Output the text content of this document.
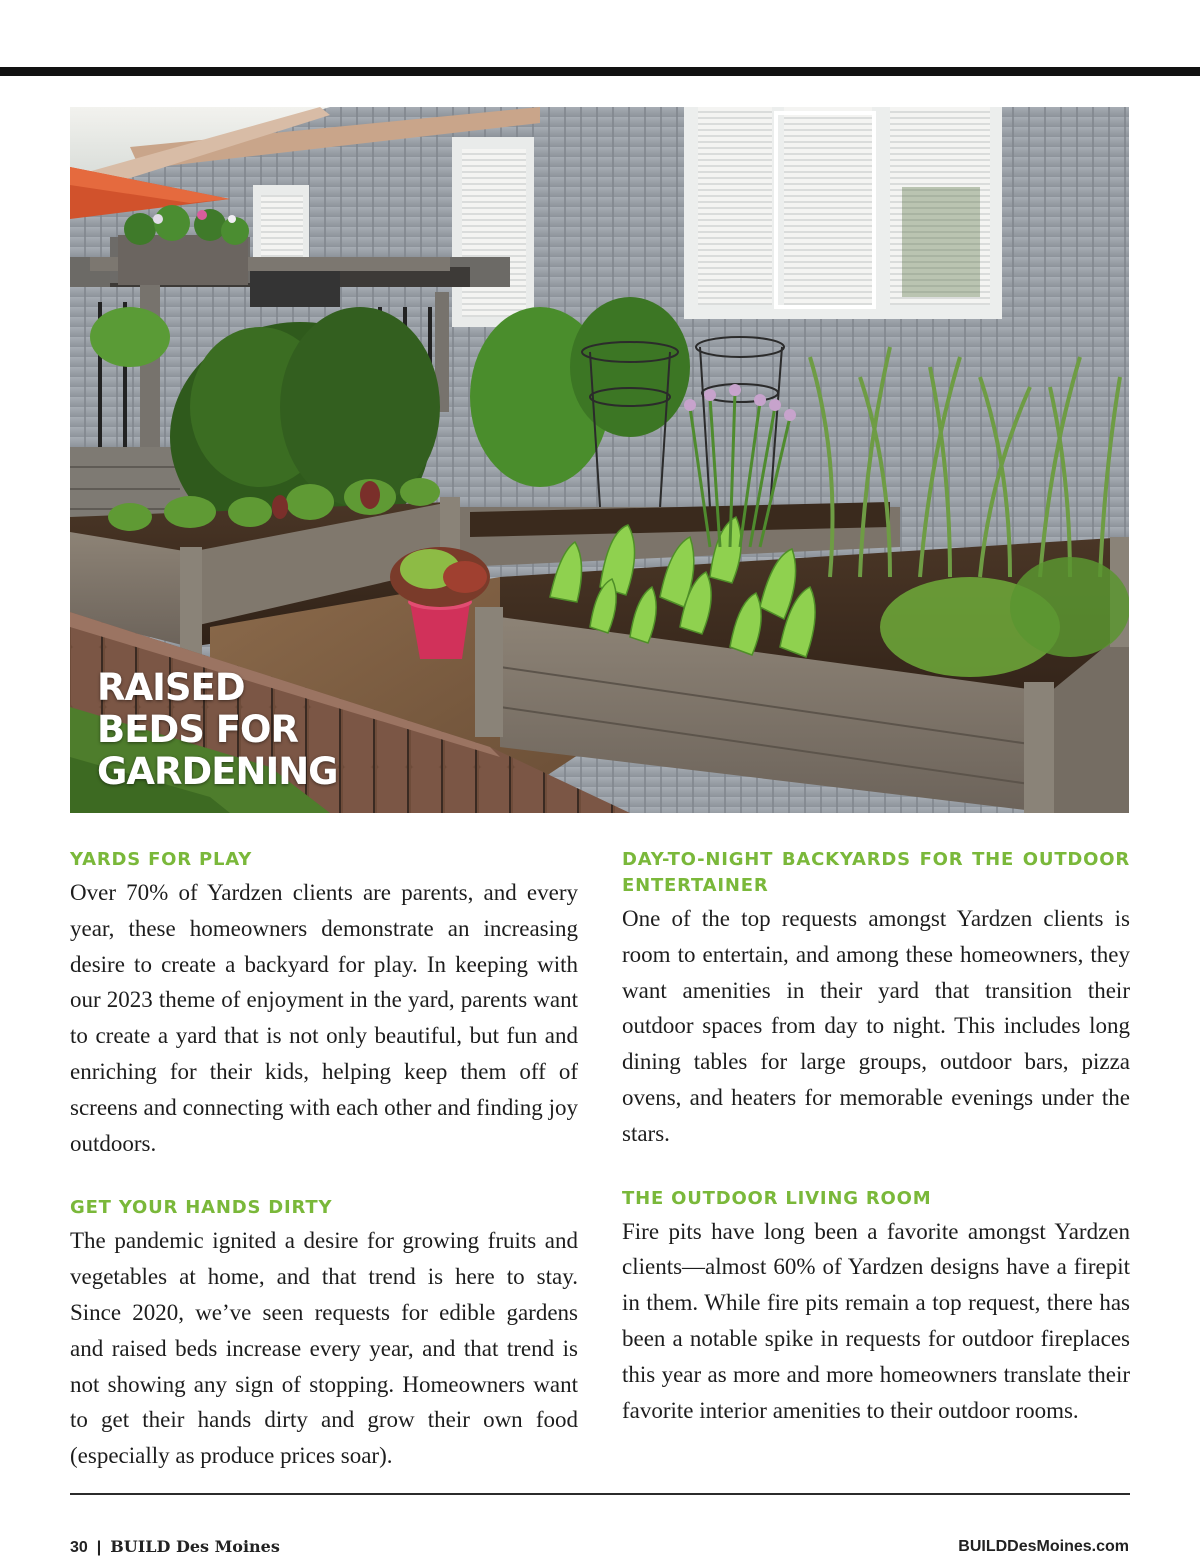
RAISED
BEDS FOR
GARDENING
YARDS FOR PLAY

Over 70% of Yardzen clients are parents, and every year, these homeowners demonstrate an increasing desire to create a backyard for play. In keeping with our 2023 theme of enjoyment in the yard, parents want to create a yard that is not only beautiful, but fun and enriching for their kids, helping keep them off of screens and connecting with each other and finding joy outdoors.

GET YOUR HANDS DIRTY

The pandemic ignited a desire for growing fruits and vegetables at home, and that trend is here to stay. Since 2020, we’ve seen requests for edible gardens and raised beds increase every year, and that trend is not showing any sign of stopping. Homeowners want to get their hands dirty and grow their own food (especially as produce prices soar).

DAY-TO-NIGHT BACKYARDS FOR THE OUTDOOR ENTERTAINER

One of the top requests amongst Yardzen clients is room to entertain, and among these homeowners, they want amenities in their yard that transition their outdoor spaces from day to night. This includes long dining tables for large groups, outdoor bars, pizza ovens, and heaters for memorable evenings under the stars.

THE OUTDOOR LIVING ROOM

Fire pits have long been a favorite amongst Yardzen clients—almost 60% of Yardzen designs have a firepit in them. While fire pits remain a top request, there has been a notable spike in requests for outdoor fireplaces this year as more and more homeowners translate their favorite interior amenities to their outdoor rooms.

30 | BUILD Des Moines	BUILDDesMoines.com
